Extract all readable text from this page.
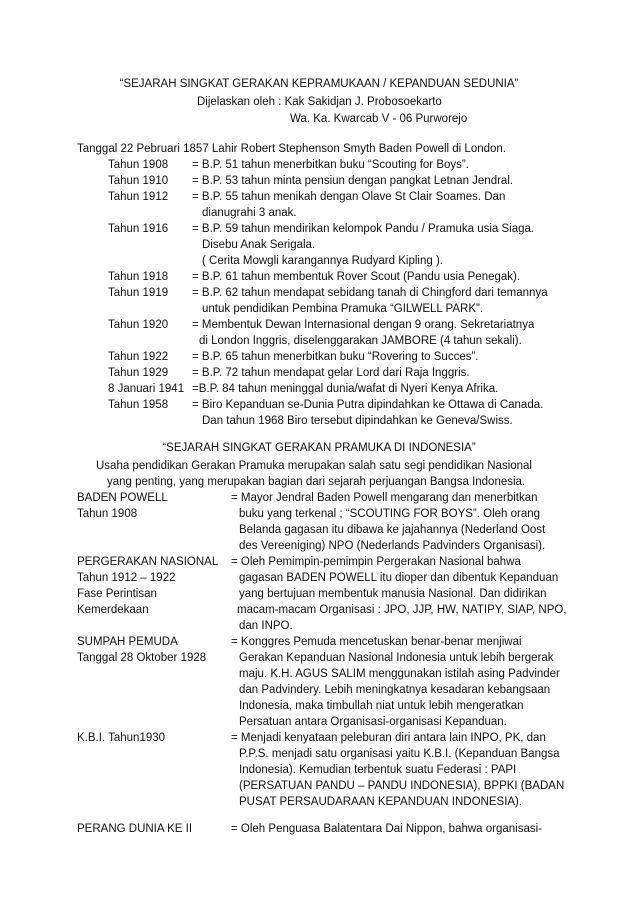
“SEJARAH SINGKAT GERAKAN KEPRAMUKAAN / KEPANDUAN SEDUNIA”
Dijelaskan oleh : Kak Sakidjan J. Probosoekarto
Wa. Ka. Kwarcab V - 06 Purworejo
Tanggal 22 Pebruari 1857 Lahir Robert Stephenson Smyth Baden Powell di London.
Tahun 1908 = B.P. 51 tahun menerbitkan buku “Scouting for Boys”.
Tahun 1910 = B.P. 53 tahun minta pensiun dengan pangkat Letnan Jendral.
Tahun 1912 = B.P. 55 tahun menikah dengan Olave St Clair Soames. Dan
dianugrahi 3 anak.
Tahun 1916 = B.P. 59 tahun mendirikan kelompok Pandu / Pramuka usia Siaga.
Disebu Anak Serigala.
( Cerita Mowgli karangannya Rudyard Kipling ).
Tahun 1918 = B.P. 61 tahun membentuk Rover Scout (Pandu usia Penegak).
Tahun 1919 = B.P. 62 tahun mendapat sebidang tanah di Chingford dari temannya
untuk pendidikan Pembina Pramuka “GILWELL PARK”.
Tahun 1920 = Membentuk Dewan Internasional dengan 9 orang. Sekretariatnya
di London Inggris, diselenggarakan JAMBORE (4 tahun sekali).
Tahun 1922 = B.P. 65 tahun menerbitkan buku “Rovering to Succes”.
Tahun 1929 = B.P. 72 tahun mendapat gelar Lord dari Raja Inggris.
8 Januari 1941 =B.P. 84 tahun meninggal dunia/wafat di Nyeri Kenya Afrika.
Tahun 1958 = Biro Kepanduan se-Dunia Putra dipindahkan ke Ottawa di Canada.
Dan tahun 1968 Biro tersebut dipindahkan ke Geneva/Swiss.
“SEJARAH SINGKAT GERAKAN PRAMUKA DI INDONESIA”
Usaha pendidikan Gerakan Pramuka merupakan salah satu segi pendidikan Nasional
yang penting, yang merupakan bagian dari sejarah perjuangan Bangsa Indonesia.
BADEN POWELL
Tahun 1908
= Mayor Jendral Baden Powell mengarang dan menerbitkan
buku yang terkenal ; “SCOUTING FOR BOYS”. Oleh orang
Belanda gagasan itu dibawa ke jajahannya (Nederland Oost
des Vereeniging) NPO (Nederlands Padvinders Organisasi).
PERGERAKAN NASIONAL
Tahun 1912 – 1922
Fase Perintisan
Kemerdekaan
= Oleh Pemimpin-pemimpin Pergerakan Nasional bahwa
gagasan BADEN POWELL itu dioper dan dibentuk Kepanduan
yang bertujuan membentuk manusia Nasional. Dan didirikan
macam-macam Organisasi : JPO, JJP, HW, NATIPY, SIAP, NPO,
dan INPO.
SUMPAH PEMUDA
Tanggal 28 Oktober 1928
= Konggres Pemuda mencetuskan benar-benar menjiwai
Gerakan Kepanduan Nasional Indonesia untuk lebih bergerak
maju. K.H. AGUS SALIM menggunakan istilah asing Padvinder
dan Padvindery. Lebih meningkatnya kesadaran kebangsaan
Indonesia, maka timbullah niat untuk lebih mengeratkan
Persatuan antara Organisasi-organisasi Kepanduan.
K.B.I. Tahun1930	= Menjadi kenyataan peleburan diri antara lain INPO, PK, dan
P.P.S. menjadi satu organisasi yaitu K.B.I. (Kepanduan Bangsa
Indonesia). Kemudian terbentuk suatu Federasi : PAPI
(PERSATUAN PANDU – PANDU INDONESIA), BPPKI (BADAN
PUSAT PERSAUDARAAN KEPANDUAN INDONESIA).
PERANG DUNIA KE II	= Oleh Penguasa Balatentara Dai Nippon, bahwa organisasi-
